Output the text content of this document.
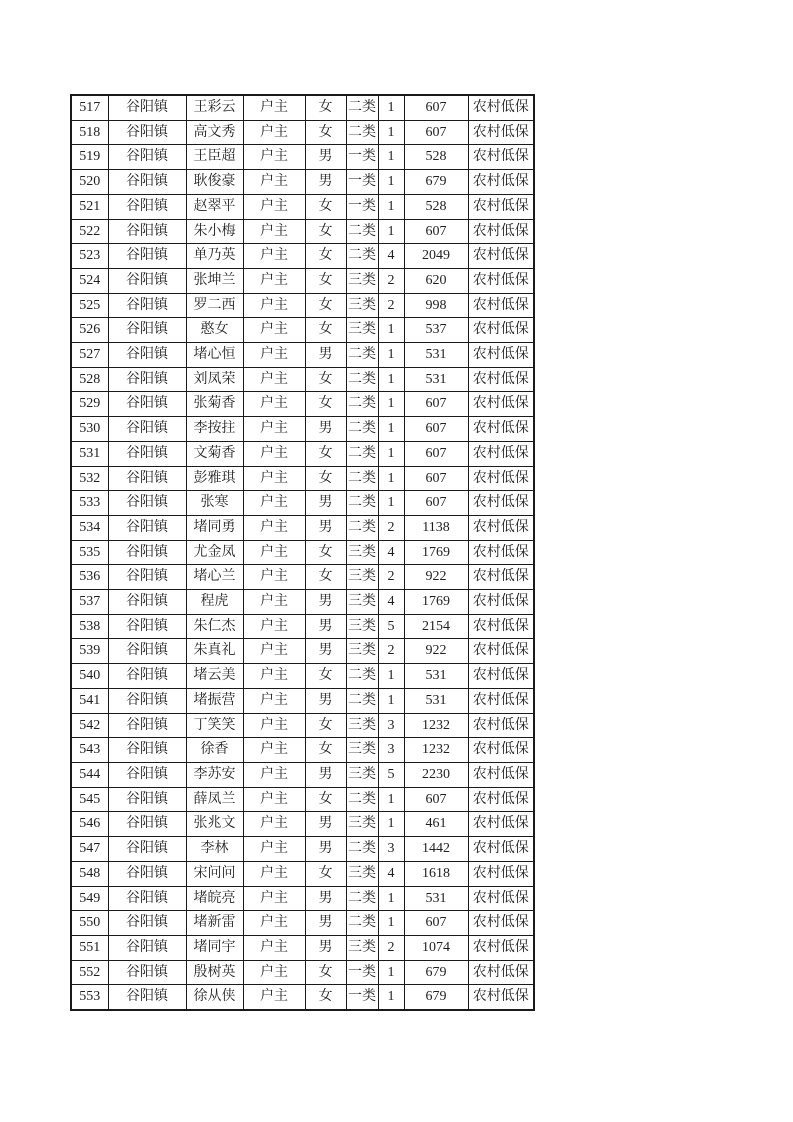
517	谷阳镇	王彩云	户主	女	二类	1	607	农村低保
518	谷阳镇	高文秀	户主	女	二类	1	607	农村低保
519	谷阳镇	王臣超	户主	男	一类	1	528	农村低保
520	谷阳镇	耿俊豪	户主	男	一类	1	679	农村低保
521	谷阳镇	赵翠平	户主	女	一类	1	528	农村低保
522	谷阳镇	朱小梅	户主	女	二类	1	607	农村低保
523	谷阳镇	单乃英	户主	女	二类	4	2049	农村低保
524	谷阳镇	张坤兰	户主	女	三类	2	620	农村低保
525	谷阳镇	罗二西	户主	女	三类	2	998	农村低保
526	谷阳镇	憨女	户主	女	三类	1	537	农村低保
527	谷阳镇	堵心恒	户主	男	二类	1	531	农村低保
528	谷阳镇	刘凤荣	户主	女	二类	1	531	农村低保
529	谷阳镇	张菊香	户主	女	二类	1	607	农村低保
530	谷阳镇	李按拄	户主	男	二类	1	607	农村低保
531	谷阳镇	文菊香	户主	女	二类	1	607	农村低保
532	谷阳镇	彭雅琪	户主	女	二类	1	607	农村低保
533	谷阳镇	张寒	户主	男	二类	1	607	农村低保
534	谷阳镇	堵同勇	户主	男	二类	2	1138	农村低保
535	谷阳镇	尤金凤	户主	女	三类	4	1769	农村低保
536	谷阳镇	堵心兰	户主	女	三类	2	922	农村低保
537	谷阳镇	程虎	户主	男	三类	4	1769	农村低保
538	谷阳镇	朱仁杰	户主	男	三类	5	2154	农村低保
539	谷阳镇	朱真礼	户主	男	三类	2	922	农村低保
540	谷阳镇	堵云美	户主	女	二类	1	531	农村低保
541	谷阳镇	堵振营	户主	男	二类	1	531	农村低保
542	谷阳镇	丁笑笑	户主	女	三类	3	1232	农村低保
543	谷阳镇	徐香	户主	女	三类	3	1232	农村低保
544	谷阳镇	李苏安	户主	男	三类	5	2230	农村低保
545	谷阳镇	薛凤兰	户主	女	二类	1	607	农村低保
546	谷阳镇	张兆文	户主	男	三类	1	461	农村低保
547	谷阳镇	李林	户主	男	二类	3	1442	农村低保
548	谷阳镇	宋问问	户主	女	三类	4	1618	农村低保
549	谷阳镇	堵皖亮	户主	男	二类	1	531	农村低保
550	谷阳镇	堵新雷	户主	男	二类	1	607	农村低保
551	谷阳镇	堵同宇	户主	男	三类	2	1074	农村低保
552	谷阳镇	殷树英	户主	女	一类	1	679	农村低保
553	谷阳镇	徐从侠	户主	女	一类	1	679	农村低保
